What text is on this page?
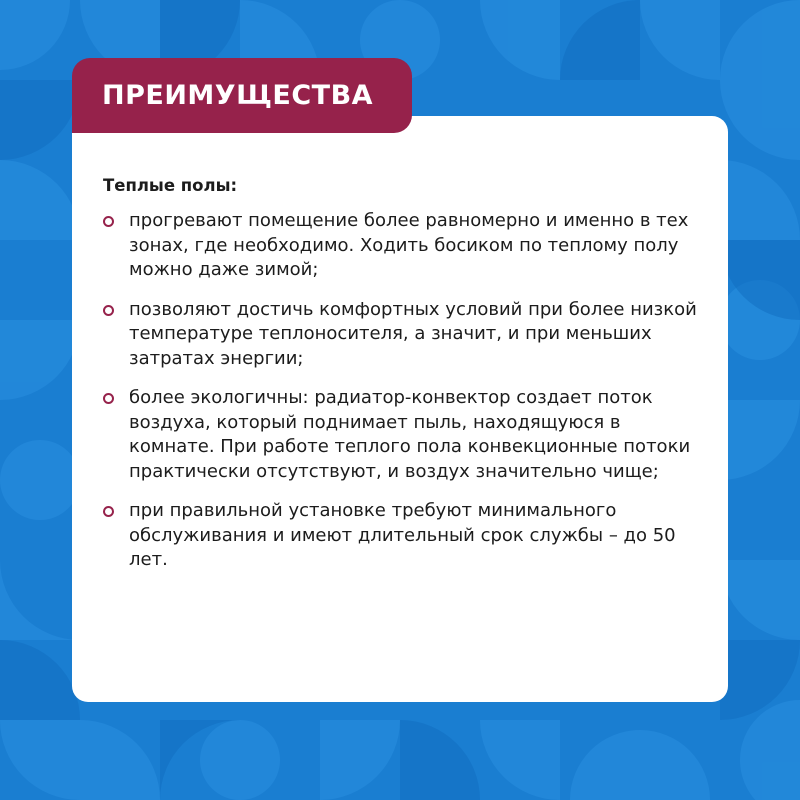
ПРЕИМУЩЕСТВА

Теплые полы:

прогревают помещение более равномерно и именно в тех зонах, где необходимо. Ходить босиком по теплому полу можно даже зимой;
позволяют достичь комфортных условий при более низкой температуре теплоносителя, а значит, и при меньших затратах энергии;
более экологичны: радиатор-конвектор создает поток воздуха, который поднимает пыль, находящуюся в комнате. При работе теплого пола конвекционные потоки практически отсутствуют, и воздух значительно чище;
при правильной установке требуют минимального обслуживания и имеют длительный срок службы – до 50 лет.
